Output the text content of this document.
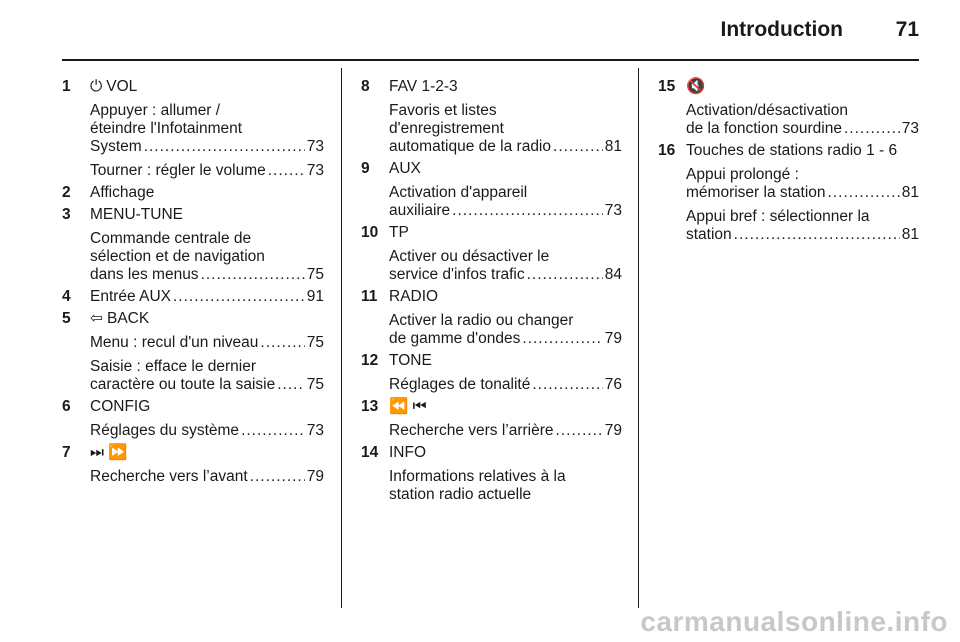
Introduction	71
1 ⏻ VOL
Appuyer : allumer /
éteindre l'Infotainment
System .....	73
Tourner : régler le volume .....	73
2 Affichage
3 MENU-TUNE
Commande centrale de
sélection et de navigation
dans les menus .....	75
4 Entrée AUX .....	91
5 ⇦ BACK
Menu : recul d'un niveau .....	75
Saisie : efface le dernier
caractère ou toute la saisie ..... 75
6 CONFIG
Réglages du système .....	73
7 ⏭ ⏩
Recherche vers l’avant .....	79
8 FAV 1-2-3
Favoris et listes
d'enregistrement
automatique de la radio .....	81
9 AUX
Activation d'appareil
auxiliaire .....	73
10 TP
Activer ou désactiver le
service d'infos trafic .....	84
11 RADIO
Activer la radio ou changer
de gamme d'ondes .....	79
12 TONE
Réglages de tonalité .....	76
13 ⏪ ⏮
Recherche vers l’arrière .....	79
14 INFO
Informations relatives à la
station radio actuelle
15 🔇
Activation/désactivation
de la fonction sourdine .....	73
16 Touches de stations radio 1 - 6
Appui prolongé :
mémoriser la station .....	81
Appui bref : sélectionner la
station .....	81
carmanualsonline.info
